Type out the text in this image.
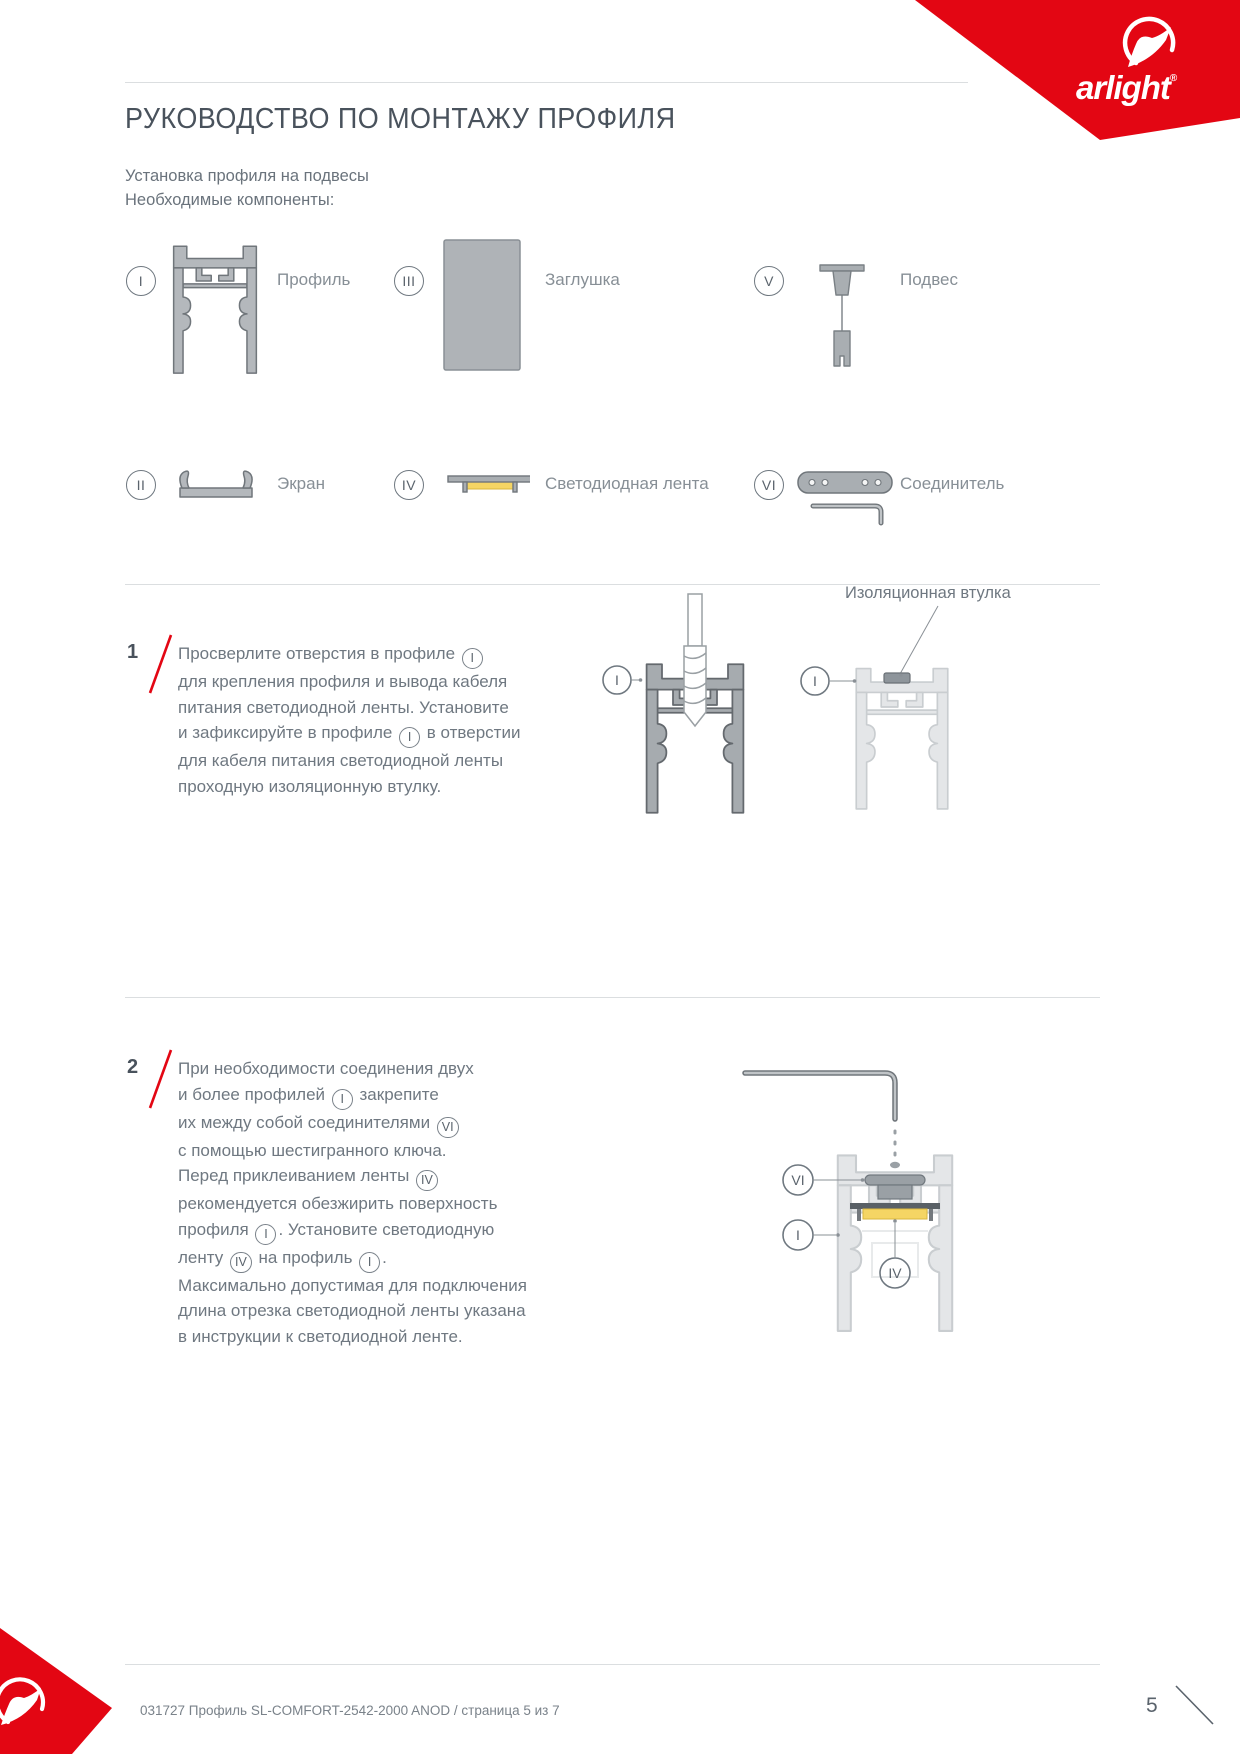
arlight®
РУКОВОДСТВО ПО МОНТАЖУ ПРОФИЛЯ
Установка профиля на подвесы
Необходимые компоненты:
I	Профиль	III	Заглушка	V	Подвес
II	Экран	IV	Светодиодная лента	VI	Соединитель
1 Просверлите отверстия в профиле I
для крепления профиля и вывода кабеля
питания светодиодной ленты. Установите
и зафиксируйте в профиле I в отверстии
для кабеля питания светодиодной ленты
проходную изоляционную втулку.
I
Изоляционная втулка
I
2 При необходимости соединения двух
и более профилей I закрепите
их между собой соединителями VI
с помощью шестигранного ключа.
Перед приклеиванием ленты IV
рекомендуется обезжирить поверхность
профиля I . Установите светодиодную
ленту IV на профиль I .
Максимально допустимая для подключения
длина отрезка светодиодной ленты указана
в инструкции к светодиодной ленте.
VI
I
IV
031727 Профиль SL-COMFORT-2542-2000 ANOD / страница 5 из 7	5
